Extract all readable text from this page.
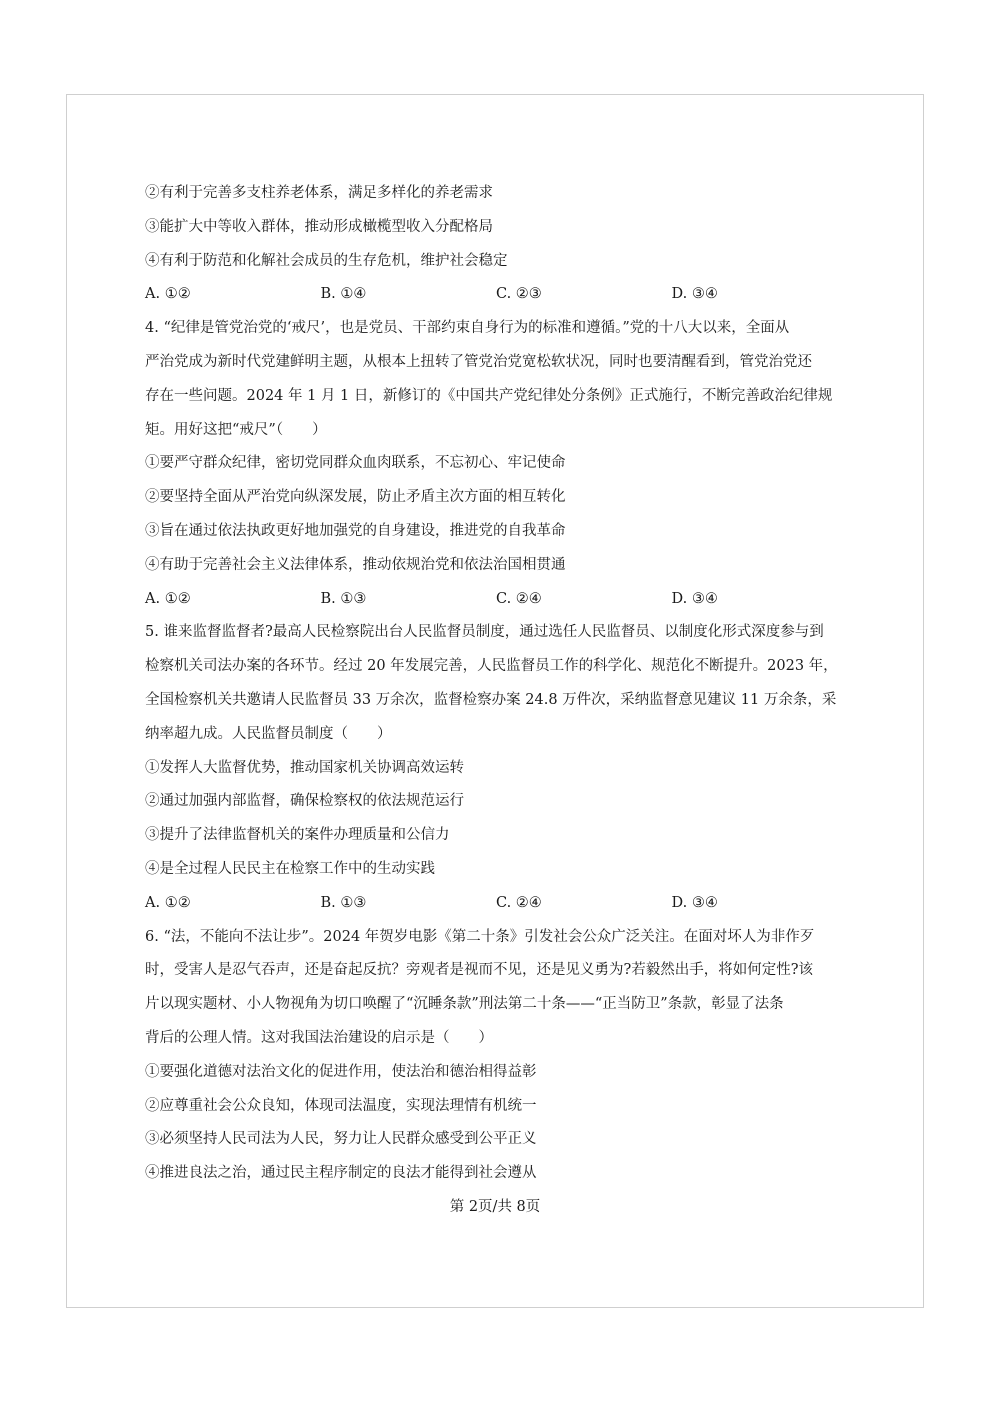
②有利于完善多支柱养老体系，满足多样化的养老需求

③能扩大中等收入群体，推动形成橄榄型收入分配格局

④有利于防范和化解社会成员的生存危机，维护社会稳定

A. ①②	B. ①④	C. ②③	D. ③④

4. “纪律是管党治党的‘戒尺’，也是党员、干部约束自身行为的标准和遵循。”党的十八大以来，全面从

严治党成为新时代党建鲜明主题，从根本上扭转了管党治党宽松软状况，同时也要清醒看到，管党治党还

存在一些问题。2024 年 1 月 1 日，新修订的《中国共产党纪律处分条例》正式施行，不断完善政治纪律规

矩。用好这把“戒尺”（　　）

①要严守群众纪律，密切党同群众血肉联系，不忘初心、牢记使命

②要坚持全面从严治党向纵深发展，防止矛盾主次方面的相互转化

③旨在通过依法执政更好地加强党的自身建设，推进党的自我革命

④有助于完善社会主义法律体系，推动依规治党和依法治国相贯通

A. ①②	B. ①③	C. ②④	D. ③④

5. 谁来监督监督者?最高人民检察院出台人民监督员制度，通过选任人民监督员、以制度化形式深度参与到

检察机关司法办案的各环节。经过 20 年发展完善，人民监督员工作的科学化、规范化不断提升。2023 年，

全国检察机关共邀请人民监督员 33 万余次，监督检察办案 24.8 万件次，采纳监督意见建议 11 万余条，采

纳率超九成。人民监督员制度（　　）

①发挥人大监督优势，推动国家机关协调高效运转

②通过加强内部监督，确保检察权的依法规范运行

③提升了法律监督机关的案件办理质量和公信力

④是全过程人民民主在检察工作中的生动实践

A. ①②	B. ①③	C. ②④	D. ③④

6. “法，不能向不法让步”。2024 年贺岁电影《第二十条》引发社会公众广泛关注。在面对坏人为非作歹

时，受害人是忍气吞声，还是奋起反抗？旁观者是视而不见，还是见义勇为?若毅然出手，将如何定性?该

片以现实题材、小人物视角为切口唤醒了“沉睡条款”刑法第二十条——“正当防卫”条款，彰显了法条

背后的公理人情。这对我国法治建设的启示是（　　）

①要强化道德对法治文化的促进作用，使法治和德治相得益彰

②应尊重社会公众良知，体现司法温度，实现法理情有机统一

③必须坚持人民司法为人民，努力让人民群众感受到公平正义

④推进良法之治，通过民主程序制定的良法才能得到社会遵从

第 2页/共 8页
